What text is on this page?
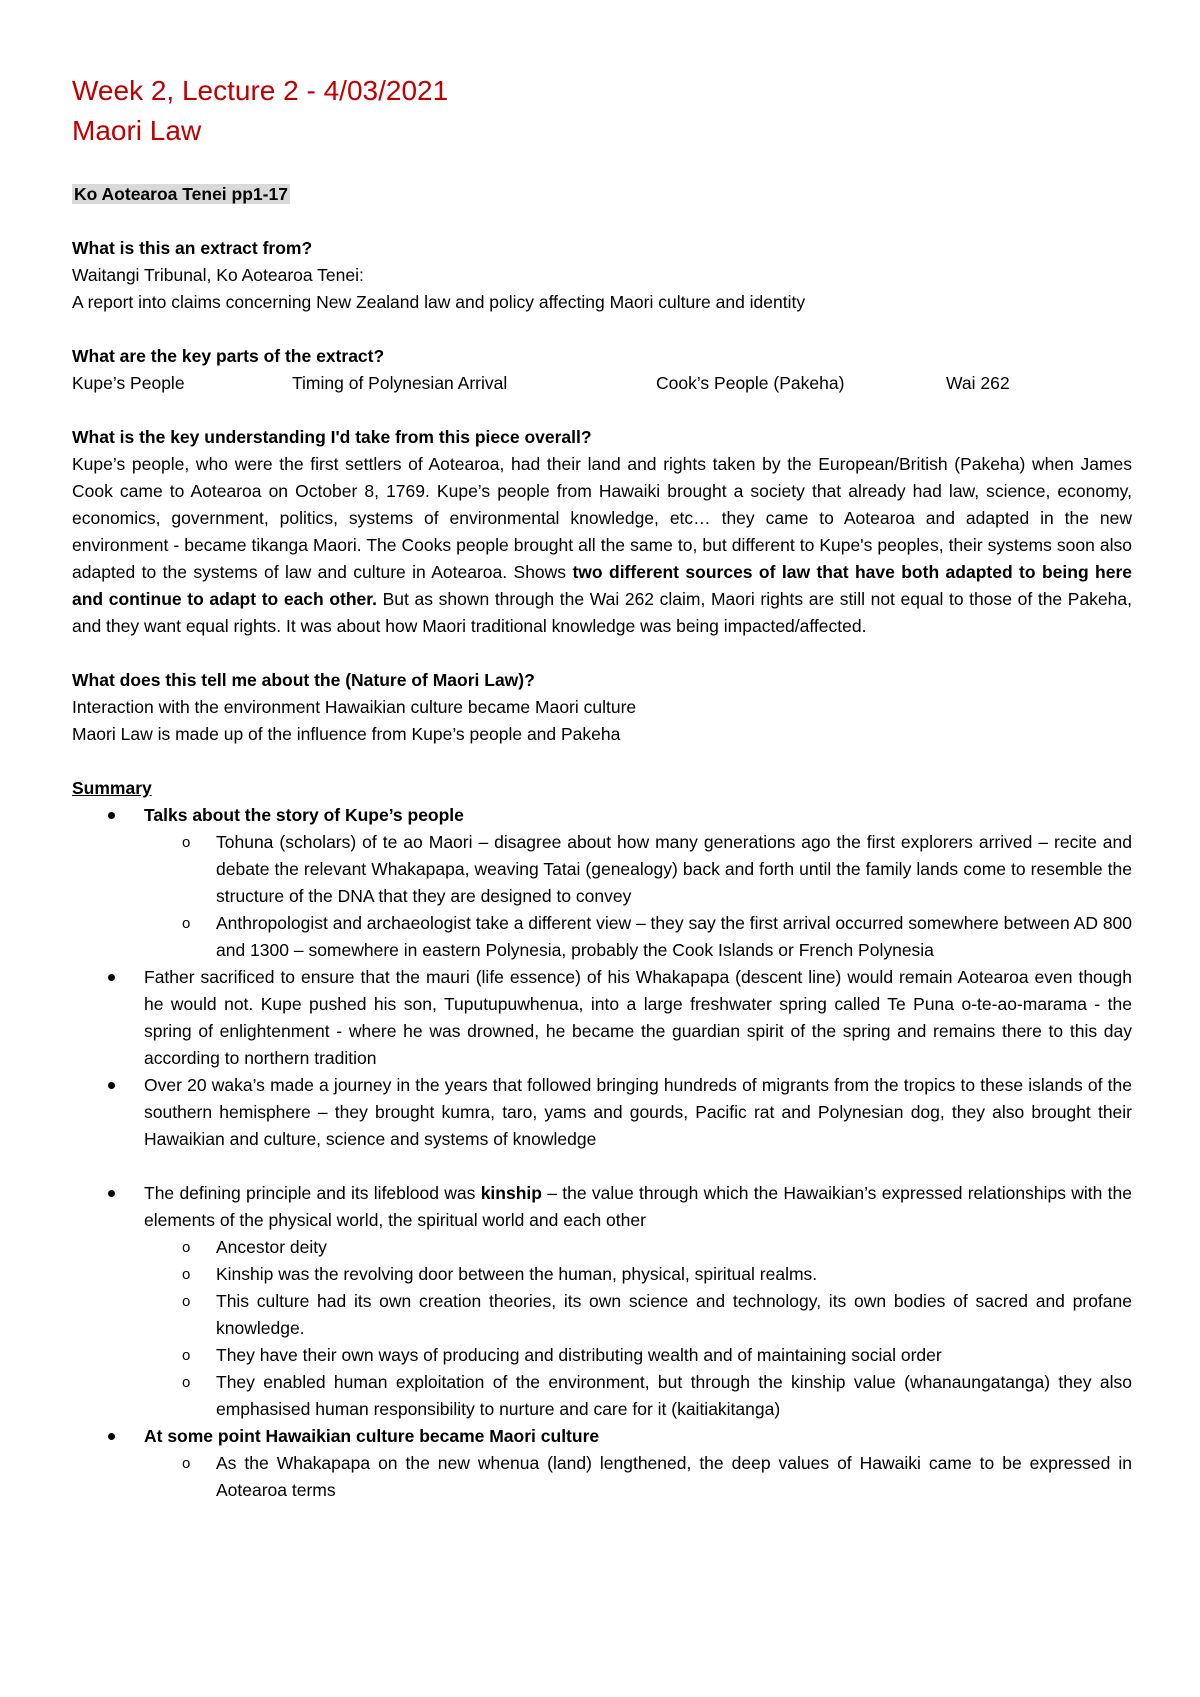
Week 2, Lecture 2 - 4/03/2021
Maori Law

Ko Aotearoa Tenei pp1-17

What is this an extract from?

Waitangi Tribunal, Ko Aotearoa Tenei:

A report into claims concerning New Zealand law and policy affecting Maori culture and identity

What are the key parts of the extract?

Kupe’s People	Timing of Polynesian Arrival	Cook’s People (Pakeha)	Wai 262

What is the key understanding I'd take from this piece overall?

Kupe’s people, who were the first settlers of Aotearoa, had their land and rights taken by the European/British (Pakeha) when James Cook came to Aotearoa on October 8, 1769. Kupe’s people from Hawaiki brought a society that already had law, science, economy, economics, government, politics, systems of environmental knowledge, etc… they came to Aotearoa and adapted in the new environment - became tikanga Maori. The Cooks people brought all the same to, but different to Kupe's peoples, their systems soon also adapted to the systems of law and culture in Aotearoa. Shows two different sources of law that have both adapted to being here and continue to adapt to each other. But as shown through the Wai 262 claim, Maori rights are still not equal to those of the Pakeha, and they want equal rights. It was about how Maori traditional knowledge was being impacted/affected.

What does this tell me about the (Nature of Maori Law)?

Interaction with the environment Hawaikian culture became Maori culture

Maori Law is made up of the influence from Kupe’s people and Pakeha

Summary

Talks about the story of Kupe’s people
o Tohuna (scholars) of te ao Maori – disagree about how many generations ago the first explorers arrived – recite and debate the relevant Whakapapa, weaving Tatai (genealogy) back and forth until the family lands come to resemble the structure of the DNA that they are designed to convey
o Anthropologist and archaeologist take a different view – they say the first arrival occurred somewhere between AD 800 and 1300 – somewhere in eastern Polynesia, probably the Cook Islands or French Polynesia
Father sacrificed to ensure that the mauri (life essence) of his Whakapapa (descent line) would remain Aotearoa even though he would not. Kupe pushed his son, Tuputupuwhenua, into a large freshwater spring called Te Puna o-te-ao-marama - the spring of enlightenment - where he was drowned, he became the guardian spirit of the spring and remains there to this day according to northern tradition
Over 20 waka’s made a journey in the years that followed bringing hundreds of migrants from the tropics to these islands of the southern hemisphere – they brought kumra, taro, yams and gourds, Pacific rat and Polynesian dog, they also brought their Hawaikian and culture, science and systems of knowledge
The defining principle and its lifeblood was kinship – the value through which the Hawaikian’s expressed relationships with the elements of the physical world, the spiritual world and each other
o Ancestor deity
o Kinship was the revolving door between the human, physical, spiritual realms.
o This culture had its own creation theories, its own science and technology, its own bodies of sacred and profane knowledge.
o They have their own ways of producing and distributing wealth and of maintaining social order
o They enabled human exploitation of the environment, but through the kinship value (whanaungatanga) they also emphasised human responsibility to nurture and care for it (kaitiakitanga)
At some point Hawaikian culture became Maori culture
o As the Whakapapa on the new whenua (land) lengthened, the deep values of Hawaiki came to be expressed in Aotearoa terms
